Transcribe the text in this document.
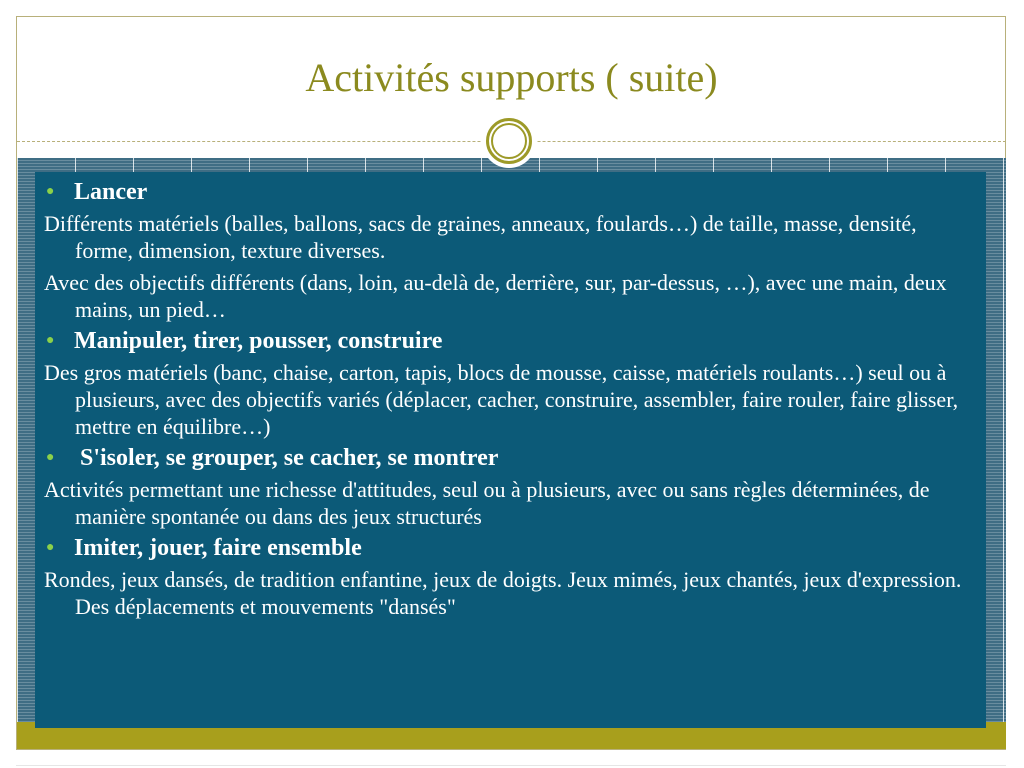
Activités supports ( suite)
● Lancer

Différents matériels (balles, ballons, sacs de graines, anneaux, foulards…) de taille, masse, densité, forme, dimension, texture diverses.

Avec des objectifs différents (dans, loin, au-delà de, derrière, sur, par-dessus, …), avec une main, deux mains, un pied…

● Manipuler, tirer, pousser, construire

Des gros matériels (banc, chaise, carton, tapis, blocs de mousse, caisse, matériels roulants…) seul ou à plusieurs, avec des objectifs variés (déplacer, cacher, construire, assembler, faire rouler, faire glisser, mettre en équilibre…)

● S'isoler, se grouper, se cacher, se montrer

Activités permettant une richesse d'attitudes, seul ou à plusieurs, avec ou sans règles déterminées, de manière spontanée ou dans des jeux structurés

● Imiter, jouer, faire ensemble

Rondes, jeux dansés, de tradition enfantine, jeux de doigts. Jeux mimés, jeux chantés, jeux d'expression. Des déplacements et mouvements "dansés"
